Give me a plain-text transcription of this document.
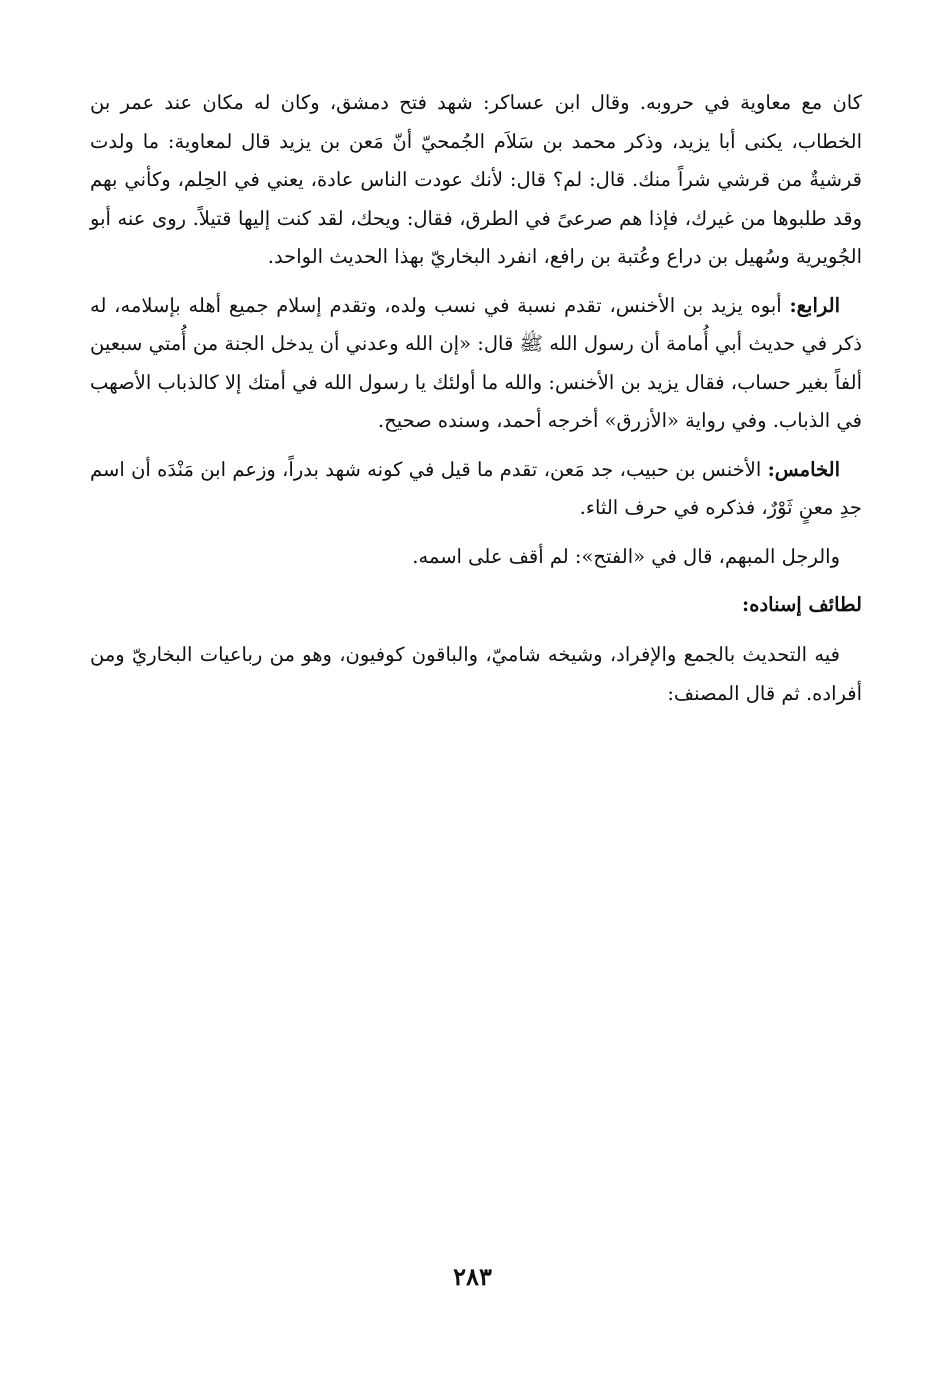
كان مع معاوية في حروبه. وقال ابن عساكر: شهد فتح دمشق، وكان له مكان عند عمر بن الخطاب، يكنى أبا يزيد، وذكر محمد بن سَلاَم الجُمحيّ أنّ مَعن بن يزيد قال لمعاوية: ما ولدت قرشيةٌ من قرشي شراً منك. قال: لم؟ قال: لأنك عودت الناس عادة، يعني في الحِلم، وكأني بهم وقد طلبوها من غيرك، فإذا هم صرعىً في الطرق، فقال: ويحك، لقد كنت إليها قتيلاً. روى عنه أبو الجُويرية وسُهيل بن دراع وعُتبة بن رافع، انفرد البخاريّ بهذا الحديث الواحد.

الرابع: أبوه يزيد بن الأخنس، تقدم نسبة في نسب ولده، وتقدم إسلام جميع أهله بإسلامه، له ذكر في حديث أبي أُمامة أن رسول الله ﷺ قال: «إن الله وعدني أن يدخل الجنة من أُمتي سبعين ألفاً بغير حساب، فقال يزيد بن الأخنس: والله ما أولئك يا رسول الله في أمتك إلا كالذباب الأصهب في الذباب. وفي رواية «الأزرق» أخرجه أحمد، وسنده صحيح.

الخامس: الأخنس بن حبيب، جد مَعن، تقدم ما قيل في كونه شهد بدراً، وزعم ابن مَنْدَه أن اسم جدِ معنٍ ثَوْرٌ، فذكره في حرف الثاء.

والرجل المبهم، قال في «الفتح»: لم أقف على اسمه.

لطائف إسناده:

فيه التحديث بالجمع والإفراد، وشيخه شاميّ، والباقون كوفيون، وهو من رباعيات البخاريّ ومن أفراده. ثم قال المصنف:

٢٨٣
